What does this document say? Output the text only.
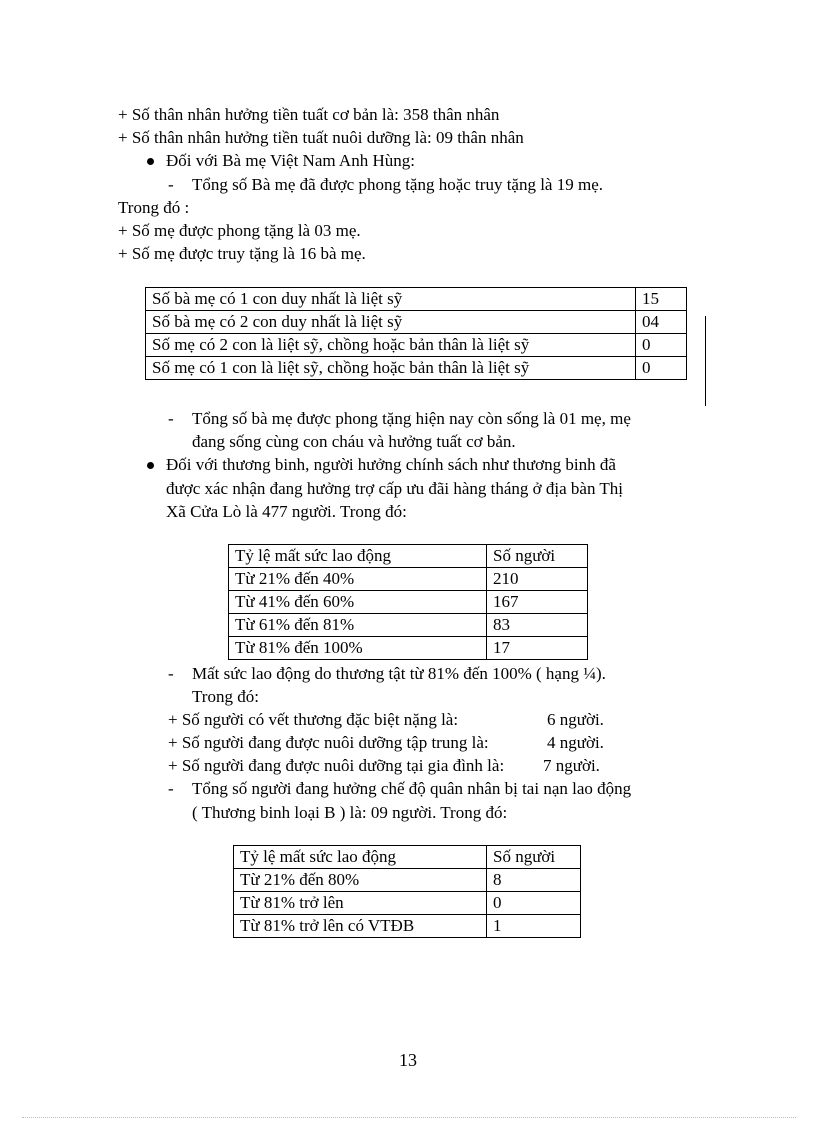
+ Số thân nhân hưởng tiền tuất cơ bản là: 358 thân nhân
+ Số thân nhân hưởng tiền tuất nuôi dưỡng là: 09 thân nhân
Đối với Bà mẹ Việt Nam Anh Hùng:
- Tổng số Bà mẹ đã được phong tặng hoặc truy tặng là 19 mẹ.
Trong đó :
+ Số mẹ được phong tặng là 03 mẹ.
+ Số mẹ được truy tặng là 16 bà mẹ.
Số bà mẹ có 1 con duy nhất là liệt sỹ	15
Số bà mẹ có 2 con duy nhất là liệt sỹ	04
Số mẹ có 2 con là liệt sỹ, chồng hoặc bản thân là liệt sỹ	0
Số mẹ có 1 con là liệt sỹ, chồng hoặc bản thân là liệt sỹ	0
- Tổng số bà mẹ được phong tặng hiện nay còn sống là 01 mẹ, mẹ
đang sống cùng con cháu và hưởng tuất cơ bản.
Đối với thương binh, người hưởng chính sách như thương binh đã
được xác nhận đang hưởng trợ cấp ưu đãi hàng tháng ở địa bàn Thị
Xã Cửa Lò là 477 người. Trong đó:
Tỷ lệ mất sức lao động	Số người
Từ 21% đến 40%	210
Từ 41% đến 60%	167
Từ 61% đến 81%	83
Từ 81% đến 100%	17
- Mất sức lao động do thương tật từ 81% đến 100% ( hạng ¼).
Trong đó:
+ Số người có vết thương đặc biệt nặng là:	6 người.
+ Số người đang được nuôi dưỡng tập trung là:	4 người.
+ Số người đang được nuôi dưỡng tại gia đình là: 7 người.
- Tổng số người đang hưởng chế độ quân nhân bị tai nạn lao động
( Thương binh loại B ) là: 09 người. Trong đó:
Tỷ lệ mất sức lao động	Số người
Từ 21% đến 80%	8
Từ 81% trở lên	0
Từ 81% trở lên có VTĐB	1
13
